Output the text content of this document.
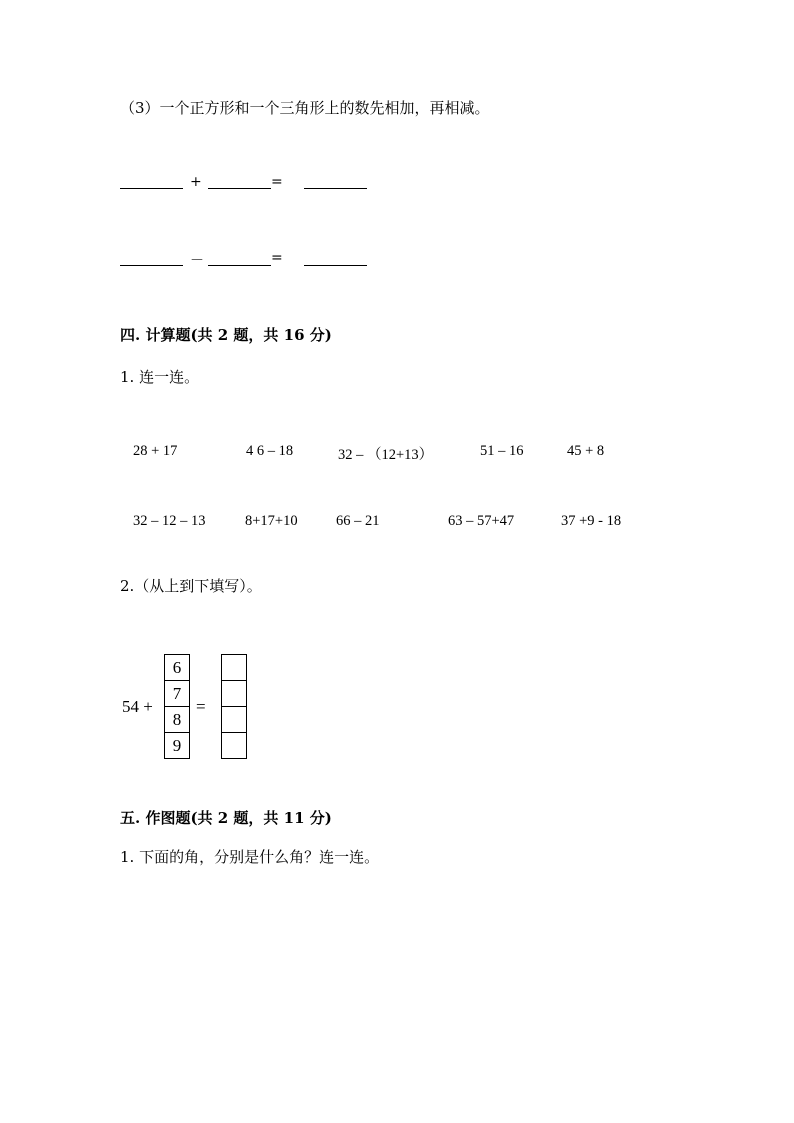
（3）一个正方形和一个三角形上的数先相加，再相减。
+	=
－	=
四. 计算题(共 2 题，共 16 分)
1. 连一连。
28 + 17	4 6 – 18	32 – （12+13）	51 – 16	45 + 8
32 – 12 – 13	8+17+10	66 – 21	63 – 57+47	37 +9 - 18
2.（从上到下填写）。
54 +
6
7
8
9
=
五. 作图题(共 2 题，共 11 分)
1. 下面的角，分别是什么角？连一连。
